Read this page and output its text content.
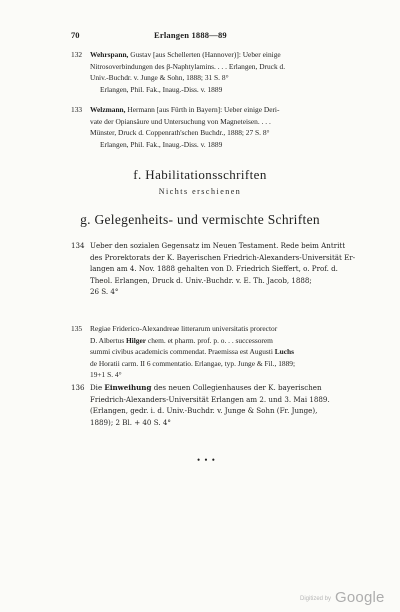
70	Erlangen 1888—89
132	Wehrspann, Gustav [aus Schellerten (Hannover)]: Ueber einige
Nitrosoverbindungen des β-Naphtylamins. . . . Erlangen, Druck d.
Univ.-Buchdr. v. Junge & Sohn, 1888; 31 S. 8°
Erlangen, Phil. Fak., Inaug.-Diss. v. 1889
133	Welzmann, Hermann [aus Fürth in Bayern]: Ueber einige Deri-
vate der Opiansäure und Untersuchung von Magneteisen. . . .
Münster, Druck d. Coppenrath'schen Buchdr., 1888; 27 S. 8°
Erlangen, Phil. Fak., Inaug.-Diss. v. 1889
f. Habilitationsschriften
Nichts erschienen
g. Gelegenheits- und vermischte Schriften
134 Ueber den sozialen Gegensatz im Neuen Testament. Rede beim Antritt
des Prorektorats der K. Bayerischen Friedrich-Alexanders-Universität Er-
langen am 4. Nov. 1888 gehalten von D. Friedrich Sieffert, o. Prof. d.
Theol. Erlangen, Druck d. Univ.-Buchdr. v. E. Th. Jacob, 1888;
26 S. 4°
135	Regiae Friderico-Alexandreae litterarum universitatis prorector
D. Albertus Hilger chem. et pharm. prof. p. o. . . successorem
summi civibus academicis commendat. Praemissa est Augusti Luchs
de Horatii carm. II 6 commentatio. Erlangae, typ. Junge & Fil., 1889;
19+1 S. 4°
136 Die Einweihung des neuen Collegienhauses der K. bayerischen
Friedrich-Alexanders-Universität Erlangen am 2. und 3. Mai 1889.
(Erlangen, gedr. i. d. Univ.-Buchdr. v. Junge & Sohn (Fr. Junge),
1889); 2 Bl. + 40 S. 4°
• • •
Digitized by Google
